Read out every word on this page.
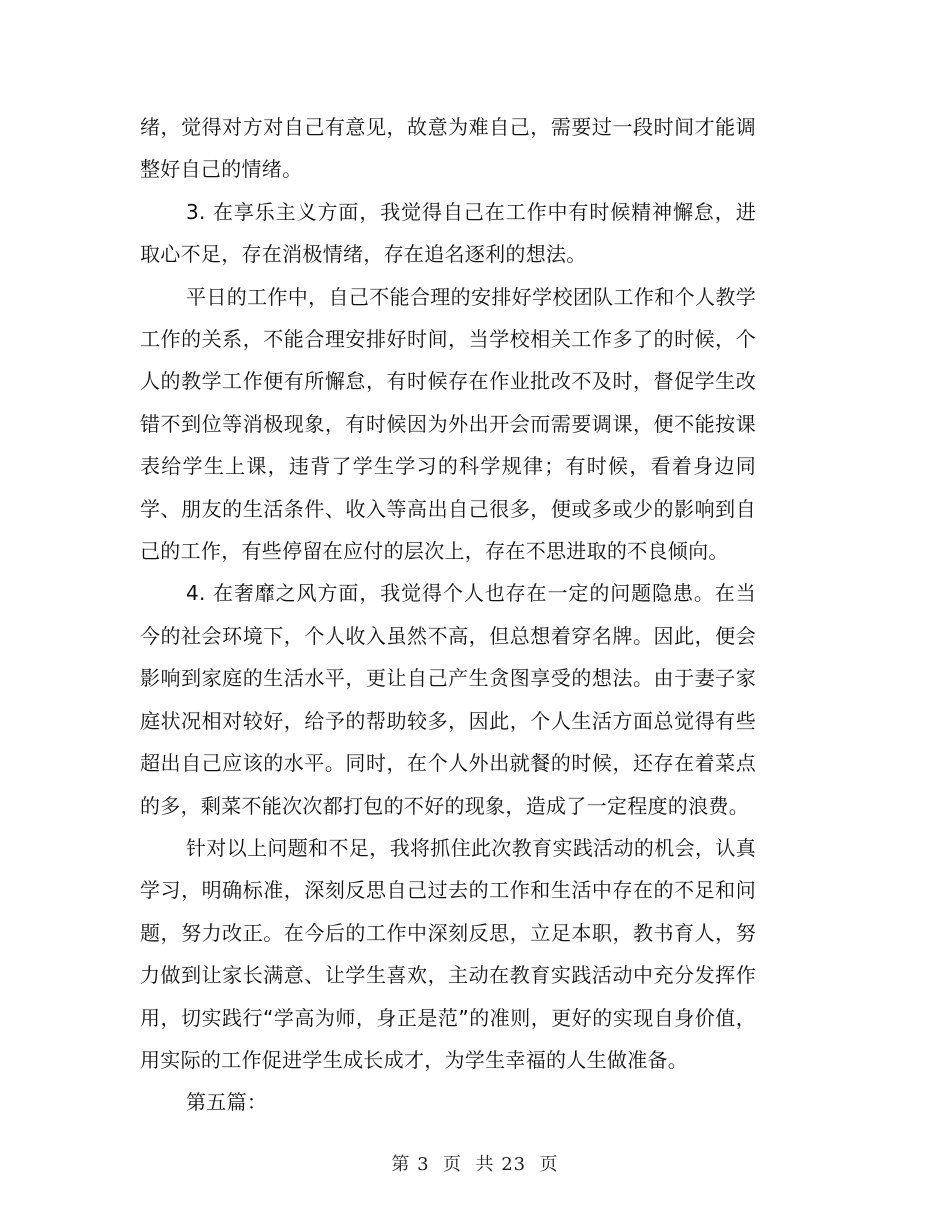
绪，觉得对方对自己有意见，故意为难自己，需要过一段时间才能调整好自己的情绪。

3. 在享乐主义方面，我觉得自己在工作中有时候精神懈怠，进取心不足，存在消极情绪，存在追名逐利的想法。

平日的工作中，自己不能合理的安排好学校团队工作和个人教学工作的关系，不能合理安排好时间，当学校相关工作多了的时候，个人的教学工作便有所懈怠，有时候存在作业批改不及时，督促学生改错不到位等消极现象，有时候因为外出开会而需要调课，便不能按课表给学生上课，违背了学生学习的科学规律；有时候，看着身边同学、朋友的生活条件、收入等高出自己很多，便或多或少的影响到自己的工作，有些停留在应付的层次上，存在不思进取的不良倾向。

4. 在奢靡之风方面，我觉得个人也存在一定的问题隐患。在当今的社会环境下，个人收入虽然不高，但总想着穿名牌。因此，便会影响到家庭的生活水平，更让自己产生贪图享受的想法。由于妻子家庭状况相对较好，给予的帮助较多，因此，个人生活方面总觉得有些超出自己应该的水平。同时，在个人外出就餐的时候，还存在着菜点的多，剩菜不能次次都打包的不好的现象，造成了一定程度的浪费。

针对以上问题和不足，我将抓住此次教育实践活动的机会，认真学习，明确标准，深刻反思自己过去的工作和生活中存在的不足和问题，努力改正。在今后的工作中深刻反思，立足本职，教书育人，努力做到让家长满意、让学生喜欢，主动在教育实践活动中充分发挥作用，切实践行“学高为师，身正是范”的准则，更好的实现自身价值，用实际的工作促进学生成长成才，为学生幸福的人生做准备。

第五篇：

第 3  页  共 23  页
